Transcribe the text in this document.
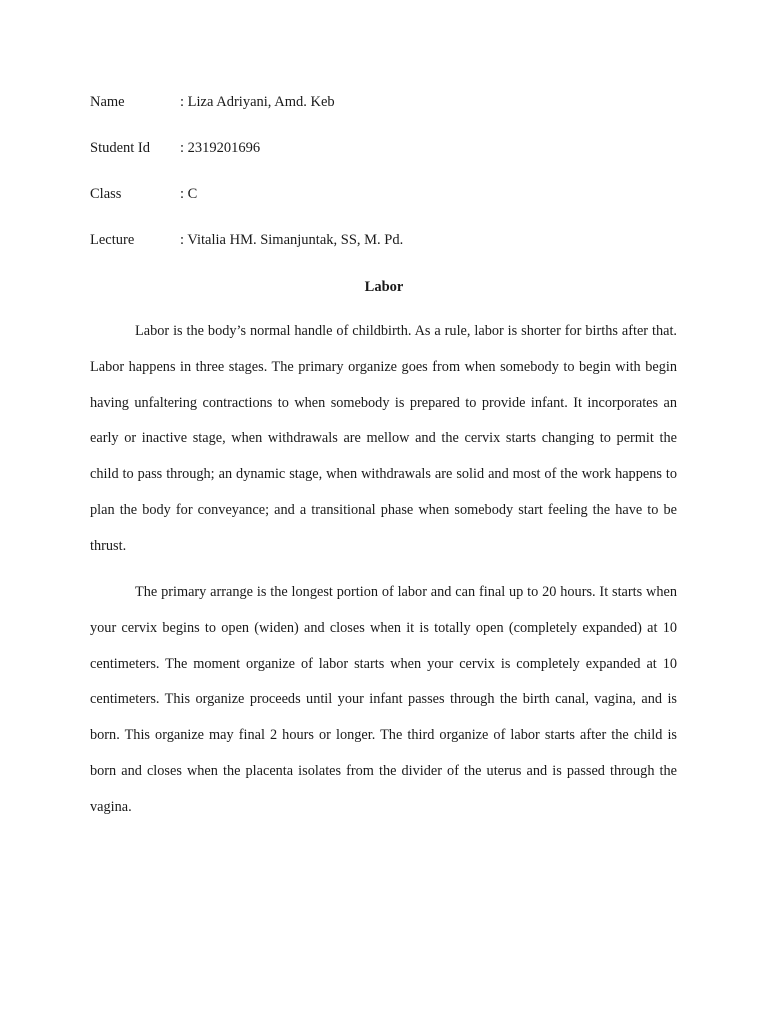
Name	: Liza Adriyani, Amd. Keb
Student Id : 2319201696
Class	: C
Lecture	: Vitalia HM. Simanjuntak, SS, M. Pd.
Labor

Labor is the body’s normal handle of childbirth. As a rule, labor is shorter for births after that. Labor happens in three stages. The primary organize goes from when somebody to begin with begin having unfaltering contractions to when somebody is prepared to provide infant. It incorporates an early or inactive stage, when withdrawals are mellow and the cervix starts changing to permit the child to pass through; an dynamic stage, when withdrawals are solid and most of the work happens to plan the body for conveyance; and a transitional phase when somebody start feeling the have to be thrust.

The primary arrange is the longest portion of labor and can final up to 20 hours. It starts when your cervix begins to open (widen) and closes when it is totally open (completely expanded) at 10 centimeters. The moment organize of labor starts when your cervix is completely expanded at 10 centimeters. This organize proceeds until your infant passes through the birth canal, vagina, and is born. This organize may final 2 hours or longer. The third organize of labor starts after the child is born and closes when the placenta isolates from the divider of the uterus and is passed through the vagina.
